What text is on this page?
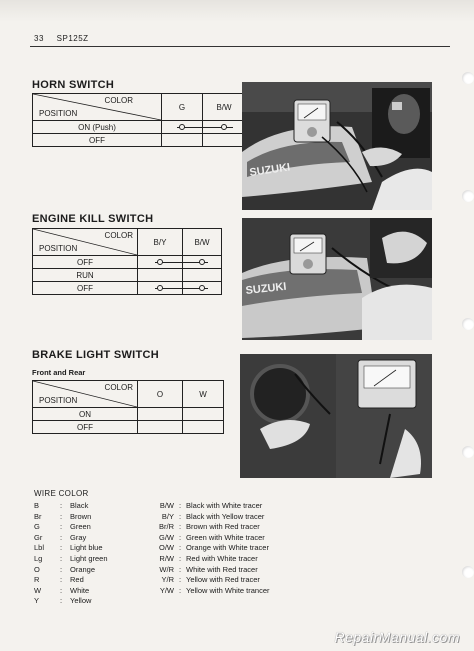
33 SP125Z
HORN SWITCH
COLOR
POSITION	G	B/W
ON (Push)		

OFF		
ENGINE KILL SWITCH
COLOR
POSITION	B/Y	B/W
OFF		

RUN		
OFF		
BRAKE LIGHT SWITCH
Front and Rear
COLOR
POSITION	O	W
ON		
OFF		
SUZUKI
SUZUKI
WIRE COLOR
B	:	Black
Br	:	Brown
G	:	Green
Gr	:	Gray
Lbl	:	Light blue
Lg	:	Light green
O	:	Orange
R	:	Red
W	:	White
Y	:	Yellow
B/W : Black with White tracer
B/Y : Black with Yellow tracer
Br/R : Brown with Red tracer
G/W : Green with White tracer
O/W : Orange with White tracer
R/W : Red with White tracer
W/R : White with Red tracer
Y/R : Yellow with Red tracer
Y/W : Yellow with White trancer
RepairManual.com
